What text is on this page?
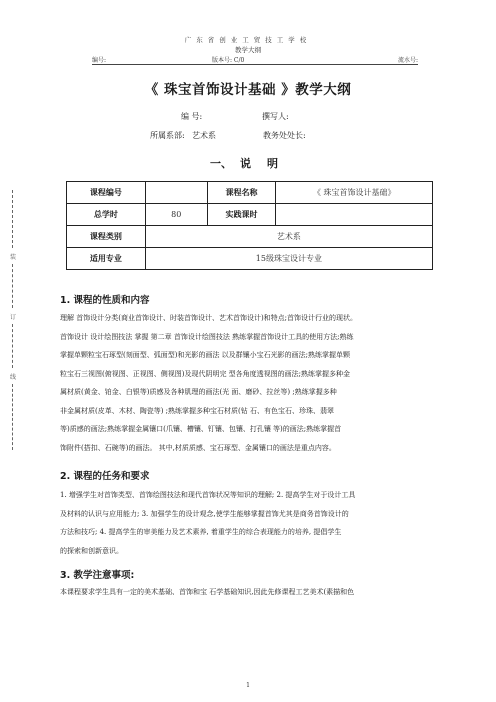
广东省创业工贸技工学校
教学大纲
编号:	版本号: C/0	流水号:
《 珠宝首饰设计基础 》教学大纲
编 号:	撰写人:
所属系部: 艺术系	教务处处长:
一、 说 明
课程编号		课程名称	《 珠宝首饰设计基础》
总学时	80	实践课时	
课程类别	艺术系		
适用专业	15级珠宝设计专业		
装
订
线
1. 课程的性质和内容

理解 首饰设计分类(商业首饰设计、时装首饰设计、艺术首饰设计)和特点;首饰设计行业的现状。

首饰设计 设计绘图技法 掌握 第二章 首饰设计绘图技法 熟练掌握首饰设计工具的使用方法;熟练

掌握单颗粒宝石琢型(刻面型、弧面型)和光影的画法 以及群镶小宝石光影的画法;熟练掌握单颗

粒宝石三视图(俯视图、正视图、侧视图)及现代阴明完 型各角度透视图的画法;熟练掌握多种金

属材质(黄金、铂金、白银等)质感及各种肌理的画法(光 面、磨砂、拉丝等) ;熟练掌握多种

非金属材质(皮革、木材、陶瓷等) ;熟练掌握多种宝石材质(钻 石、有色宝石、珍珠、翡翠

等)质感的画法;熟练掌握金属镶口(爪镶、槽镶、钉镶、包镶、打孔镶 等)的画法;熟练掌握首

饰附件(搭扣、石碗等)的画法。 其中,材质质感、宝石琢型、金属镶口的画法是重点内容。

2. 课程的任务和要求

1. 增强学生对首饰类型、首饰绘图技法和现代首饰状况等知识的理解; 2. 提高学生对于设计工具

及材料的认识与应用能力; 3. 加强学生的设计观念,使学生能够掌握首饰尤其是商务首饰设计的

方法和技巧; 4. 提高学生的审美能力及艺术素养, 着重学生的综合表现能力的培养, 提倡学生

的探索和创新意识。

3. 教学注意事项:

本课程要求学生具有一定的美术基础、首饰和宝 石学基础知识,因此先修课程工艺美术(素描和色

1
